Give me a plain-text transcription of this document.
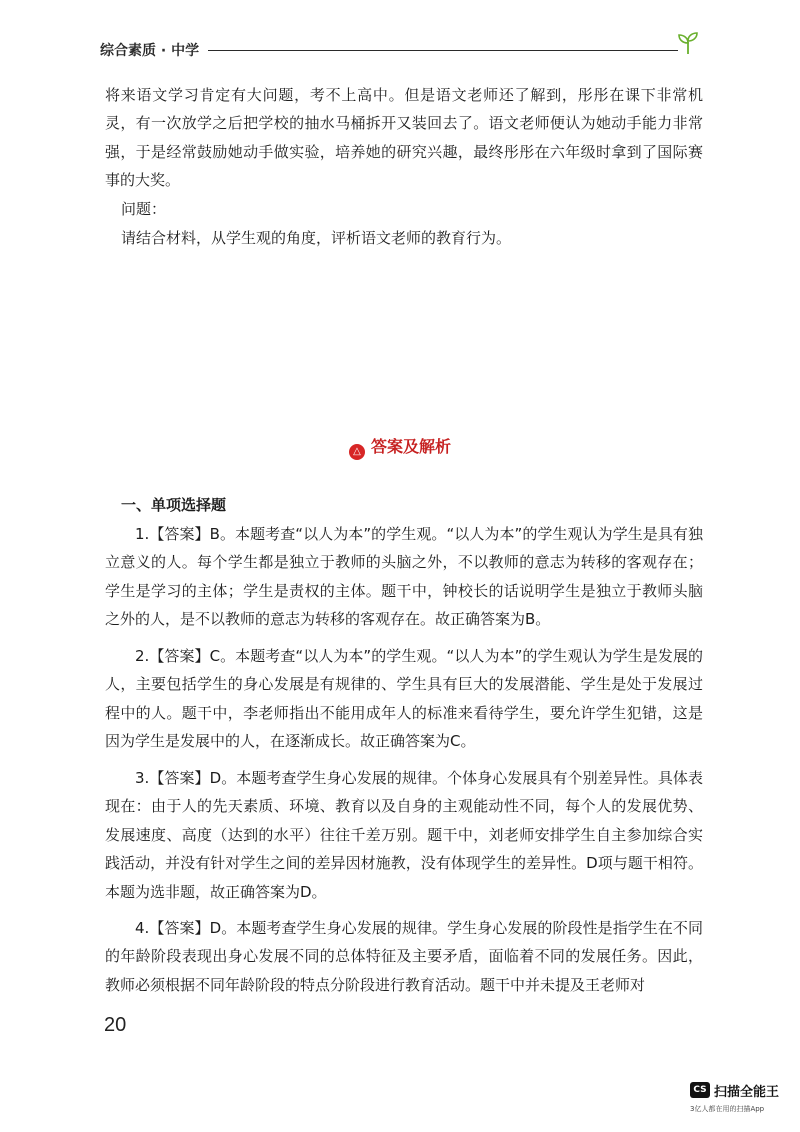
综合素质 · 中学

将来语文学习肯定有大问题，考不上高中。但是语文老师还了解到，彤彤在课下非常机灵，有一次放学之后把学校的抽水马桶拆开又装回去了。语文老师便认为她动手能力非常强，于是经常鼓励她动手做实验，培养她的研究兴趣，最终彤彤在六年级时拿到了国际赛事的大奖。

问题：

请结合材料，从学生观的角度，评析语文老师的教育行为。

△ 答案及解析

一、单项选择题

1.【答案】B。本题考查“以人为本”的学生观。“以人为本”的学生观认为学生是具有独立意义的人。每个学生都是独立于教师的头脑之外，不以教师的意志为转移的客观存在；学生是学习的主体；学生是责权的主体。题干中，钟校长的话说明学生是独立于教师头脑之外的人，是不以教师的意志为转移的客观存在。故正确答案为B。

2.【答案】C。本题考查“以人为本”的学生观。“以人为本”的学生观认为学生是发展的人，主要包括学生的身心发展是有规律的、学生具有巨大的发展潜能、学生是处于发展过程中的人。题干中，李老师指出不能用成年人的标准来看待学生，要允许学生犯错，这是因为学生是发展中的人，在逐渐成长。故正确答案为C。

3.【答案】D。本题考查学生身心发展的规律。个体身心发展具有个别差异性。具体表现在：由于人的先天素质、环境、教育以及自身的主观能动性不同，每个人的发展优势、发展速度、高度（达到的水平）往往千差万别。题干中，刘老师安排学生自主参加综合实践活动，并没有针对学生之间的差异因材施教，没有体现学生的差异性。D项与题干相符。本题为选非题，故正确答案为D。

4.【答案】D。本题考查学生身心发展的规律。学生身心发展的阶段性是指学生在不同的年龄阶段表现出身心发展不同的总体特征及主要矛盾，面临着不同的发展任务。因此，教师必须根据不同年龄阶段的特点分阶段进行教育活动。题干中并未提及王老师对

20
CS 扫描全能王
3亿人都在用的扫描App
